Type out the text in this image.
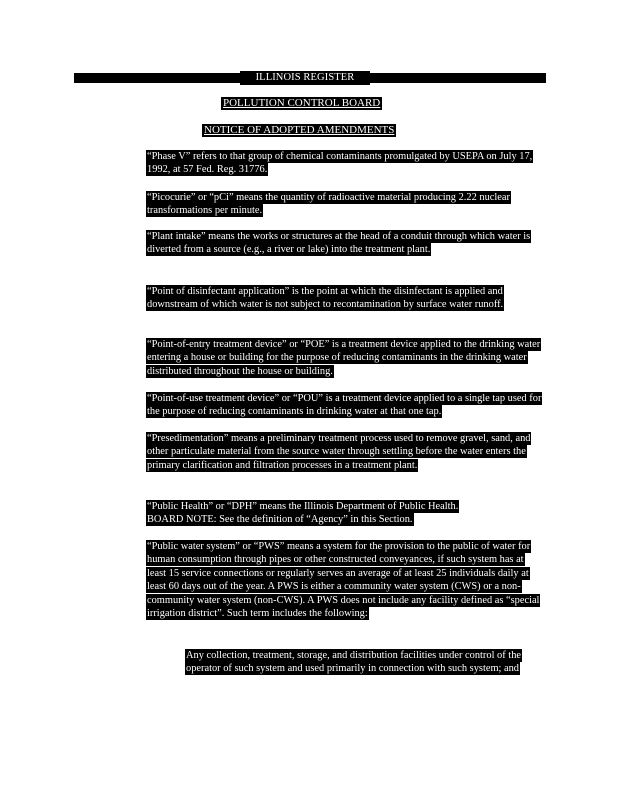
ILLINOIS REGISTER
POLLUTION CONTROL BOARD
NOTICE OF ADOPTED AMENDMENTS
“Phase V” refers to that group of chemical contaminants promulgated by USEPA on July 17, 1992, at 57 Fed. Reg. 31776.
“Picocurie” or “pCi” means the quantity of radioactive material producing 2.22 nuclear transformations per minute.
“Plant intake” means the works or structures at the head of a conduit through which water is diverted from a source (e.g., a river or lake) into the treatment plant.
“Point of disinfectant application” is the point at which the disinfectant is applied and downstream of which water is not subject to recontamination by surface water runoff.
“Point-of-entry treatment device” or “POE” is a treatment device applied to the drinking water entering a house or building for the purpose of reducing contaminants in the drinking water distributed throughout the house or building.
“Point-of-use treatment device” or “POU” is a treatment device applied to a single tap used for the purpose of reducing contaminants in drinking water at that one tap.
“Presedimentation” means a preliminary treatment process used to remove gravel, sand, and other particulate material from the source water through settling before the water enters the primary clarification and filtration processes in a treatment plant.
“Public Health” or “DPH” means the Illinois Department of Public Health.
BOARD NOTE: See the definition of “Agency” in this Section.
“Public water system” or “PWS” means a system for the provision to the public of water for human consumption through pipes or other constructed conveyances, if such system has at least 15 service connections or regularly serves an average of at least 25 individuals daily at least 60 days out of the year. A PWS is either a community water system (CWS) or a non-community water system (non-CWS). A PWS does not include any facility defined as “special irrigation district”. Such term includes the following:
Any collection, treatment, storage, and distribution facilities under control of the operator of such system and used primarily in connection with such system; and
